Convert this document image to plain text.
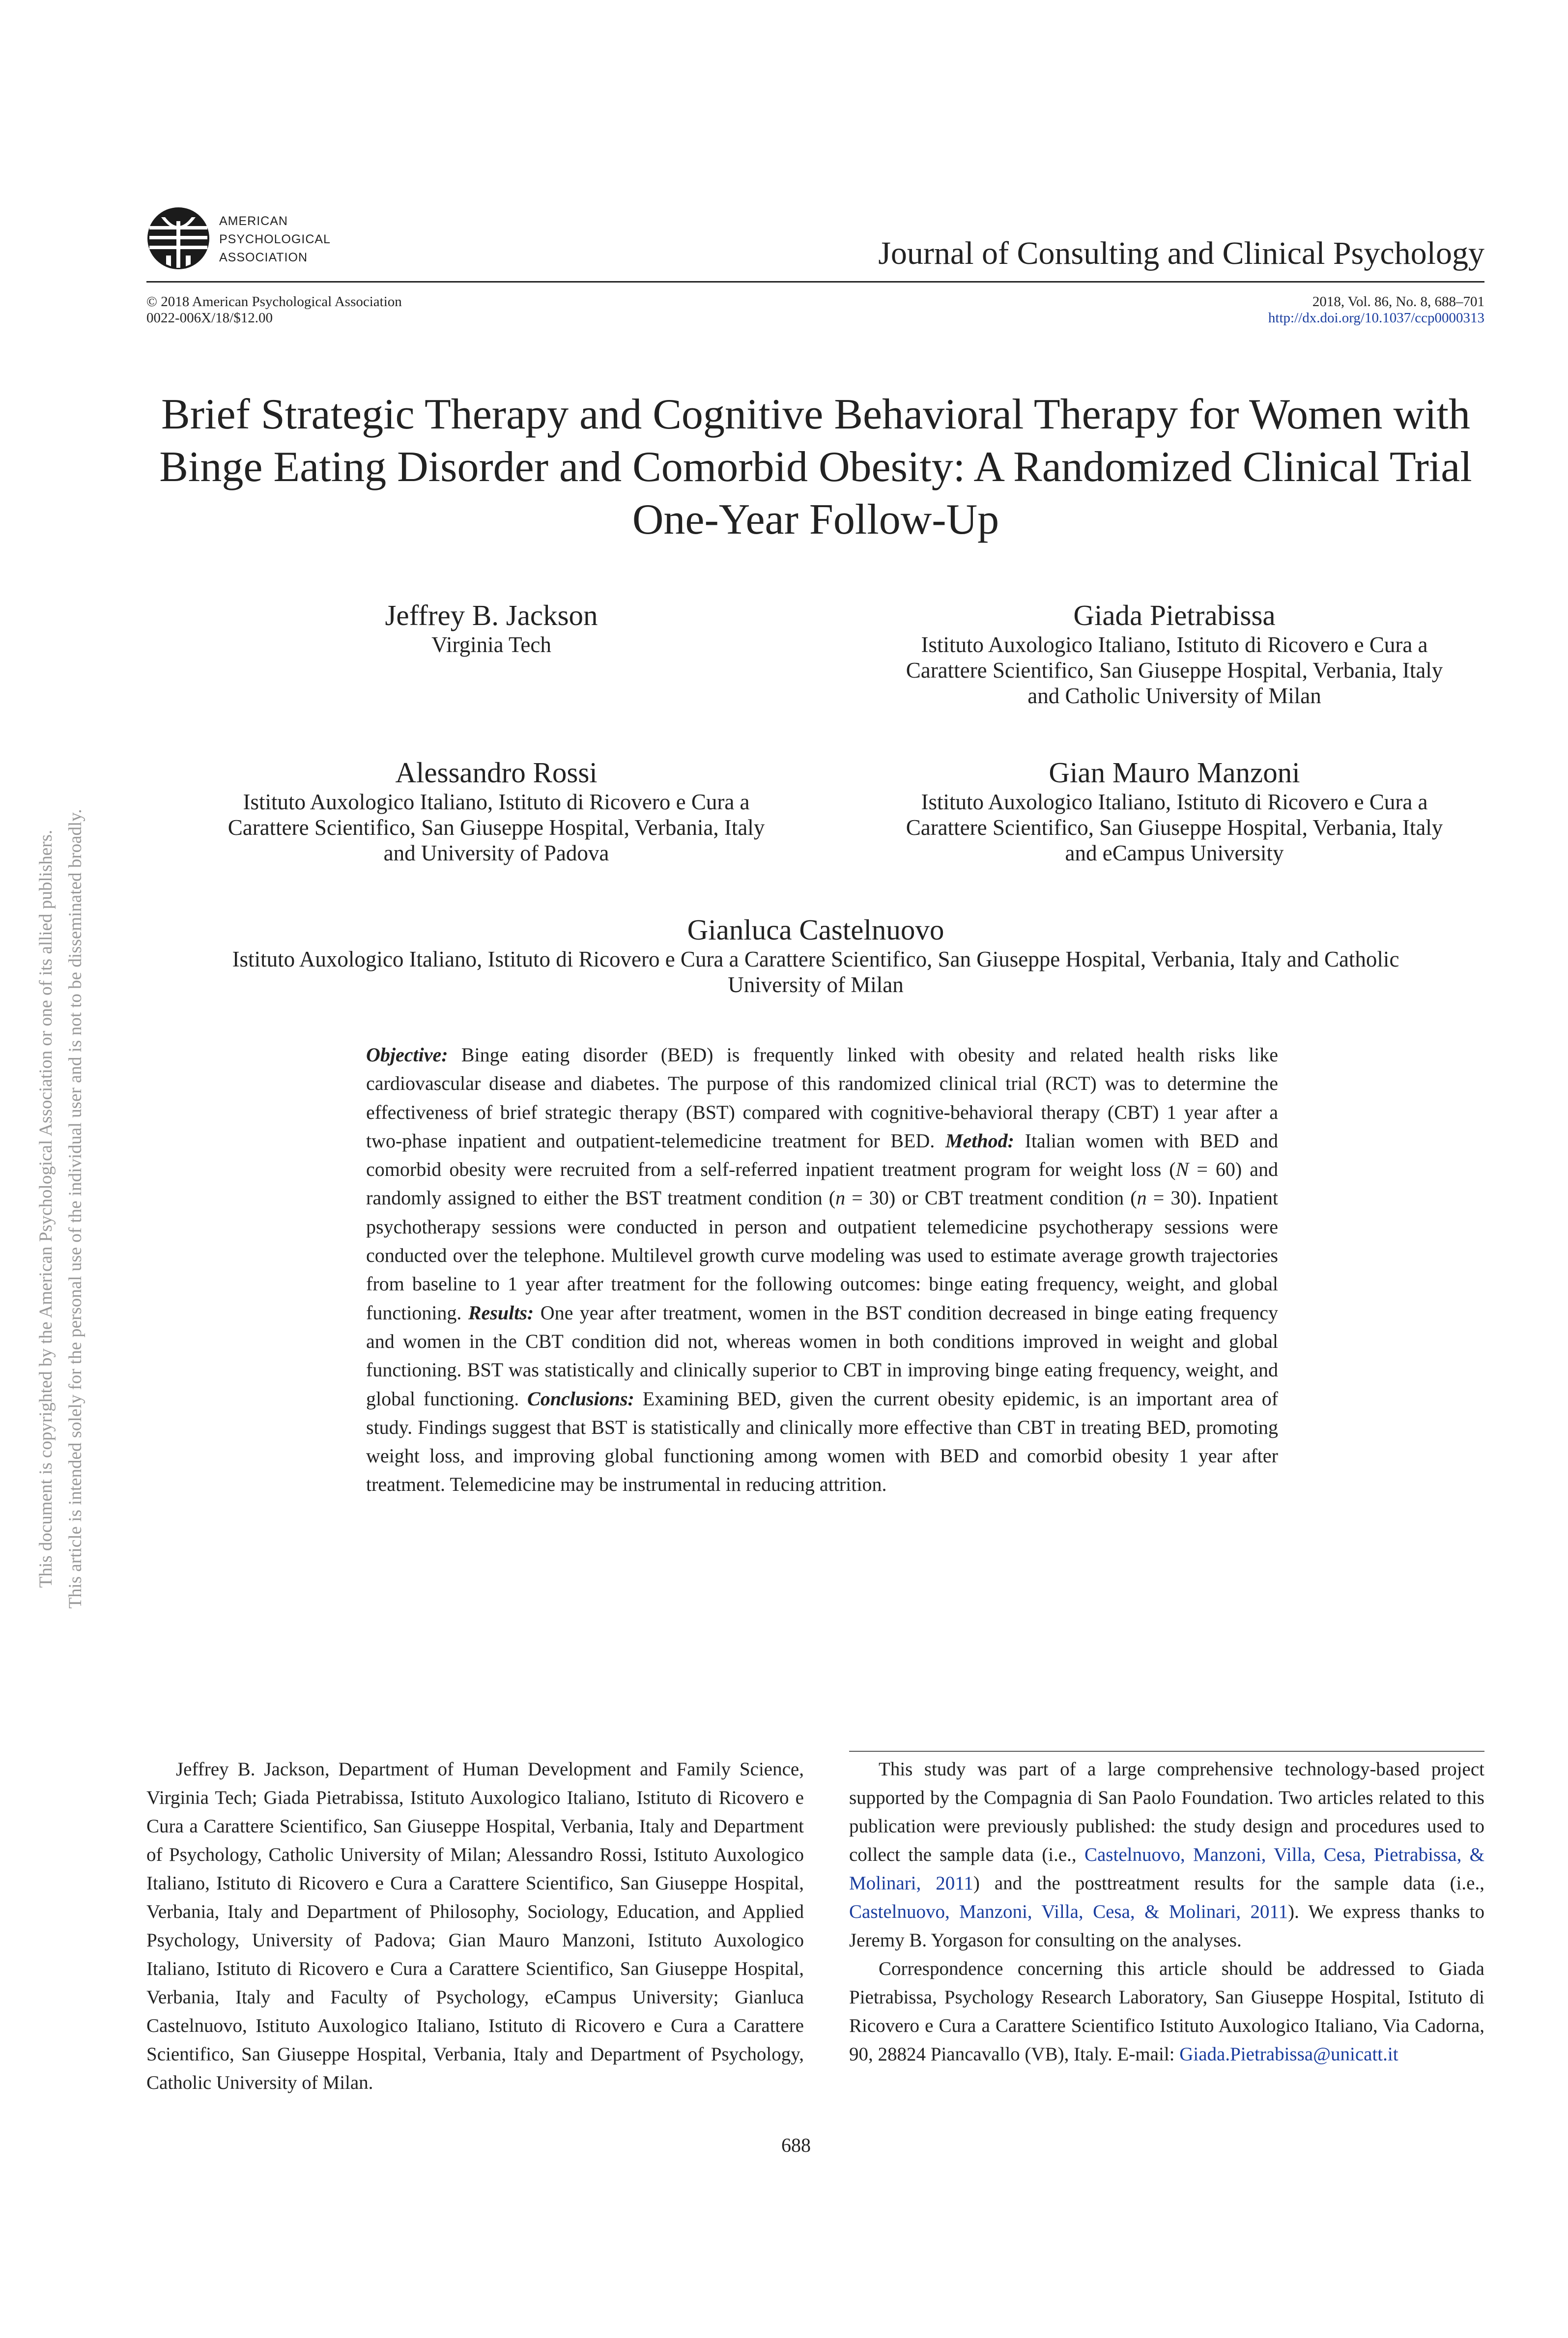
AMERICAN
PSYCHOLOGICAL
ASSOCIATION	Journal of Consulting and Clinical Psychology
© 2018 American Psychological Association
0022-006X/18/$12.00
2018, Vol. 86, No. 8, 688–701
http://dx.doi.org/10.1037/ccp0000313
Brief Strategic Therapy and Cognitive Behavioral Therapy for Women with Binge Eating Disorder and Comorbid Obesity: A Randomized Clinical Trial One-Year Follow-Up
Jeffrey B. Jackson
Virginia Tech
Giada Pietrabissa
Istituto Auxologico Italiano, Istituto di Ricovero e Cura a
Carattere Scientifico, San Giuseppe Hospital, Verbania, Italy
and Catholic University of Milan
Alessandro Rossi
Istituto Auxologico Italiano, Istituto di Ricovero e Cura a
Carattere Scientifico, San Giuseppe Hospital, Verbania, Italy
and University of Padova
Gian Mauro Manzoni
Istituto Auxologico Italiano, Istituto di Ricovero e Cura a
Carattere Scientifico, San Giuseppe Hospital, Verbania, Italy
and eCampus University
Gianluca Castelnuovo
Istituto Auxologico Italiano, Istituto di Ricovero e Cura a Carattere Scientifico, San Giuseppe Hospital, Verbania, Italy and Catholic
University of Milan
Objective: Binge eating disorder (BED) is frequently linked with obesity and related health risks like cardiovascular disease and diabetes. The purpose of this randomized clinical trial (RCT) was to determine the effectiveness of brief strategic therapy (BST) compared with cognitive-behavioral therapy (CBT) 1 year after a two-phase inpatient and outpatient-telemedicine treatment for BED. Method: Italian women with BED and comorbid obesity were recruited from a self-referred inpatient treatment program for weight loss (N = 60) and randomly assigned to either the BST treatment condition (n = 30) or CBT treatment condition (n = 30). Inpatient psychotherapy sessions were conducted in person and outpatient telemedicine psychotherapy sessions were conducted over the telephone. Multilevel growth curve modeling was used to estimate average growth trajectories from baseline to 1 year after treatment for the following outcomes: binge eating frequency, weight, and global functioning. Results: One year after treatment, women in the BST condition decreased in binge eating frequency and women in the CBT condition did not, whereas women in both conditions improved in weight and global functioning. BST was statistically and clinically superior to CBT in improving binge eating frequency, weight, and global functioning. Conclusions: Examining BED, given the current obesity epidemic, is an important area of study. Findings suggest that BST is statistically and clinically more effective than CBT in treating BED, promoting weight loss, and improving global functioning among women with BED and comorbid obesity 1 year after treatment. Telemedicine may be instrumental in reducing attrition.
This document is copyrighted by the American Psychological Association or one of its allied publishers. This article is intended solely for the personal use of the individual user and is not to be disseminated broadly.
Jeffrey B. Jackson, Department of Human Development and Family Science, Virginia Tech; Giada Pietrabissa, Istituto Auxologico Italiano, Istituto di Ricovero e Cura a Carattere Scientifico, San Giuseppe Hospital, Verbania, Italy and Department of Psychology, Catholic University of Milan; Alessandro Rossi, Istituto Auxologico Italiano, Istituto di Ricovero e Cura a Carattere Scientifico, San Giuseppe Hospital, Verbania, Italy and Department of Philosophy, Sociology, Education, and Applied Psychology, University of Padova; Gian Mauro Manzoni, Istituto Auxologico Italiano, Istituto di Ricovero e Cura a Carattere Scientifico, San Giuseppe Hospital, Verbania, Italy and Faculty of Psychology, eCampus University; Gianluca Castelnuovo, Istituto Auxologico Italiano, Istituto di Ricovero e Cura a Carattere Scientifico, San Giuseppe Hospital, Verbania, Italy and Department of Psychology, Catholic University of Milan.

This study was part of a large comprehensive technology-based project supported by the Compagnia di San Paolo Foundation. Two articles related to this publication were previously published: the study design and procedures used to collect the sample data (i.e., Castelnuovo, Manzoni, Villa, Cesa, Pietrabissa, & Molinari, 2011) and the posttreatment results for the sample data (i.e., Castelnuovo, Manzoni, Villa, Cesa, & Molinari, 2011). We express thanks to Jeremy B. Yorgason for consulting on the analyses.

Correspondence concerning this article should be addressed to Giada Pietrabissa, Psychology Research Laboratory, San Giuseppe Hospital, Istituto di Ricovero e Cura a Carattere Scientifico Istituto Auxologico Italiano, Via Cadorna, 90, 28824 Piancavallo (VB), Italy. E-mail: Giada.Pietrabissa@unicatt.it

688
